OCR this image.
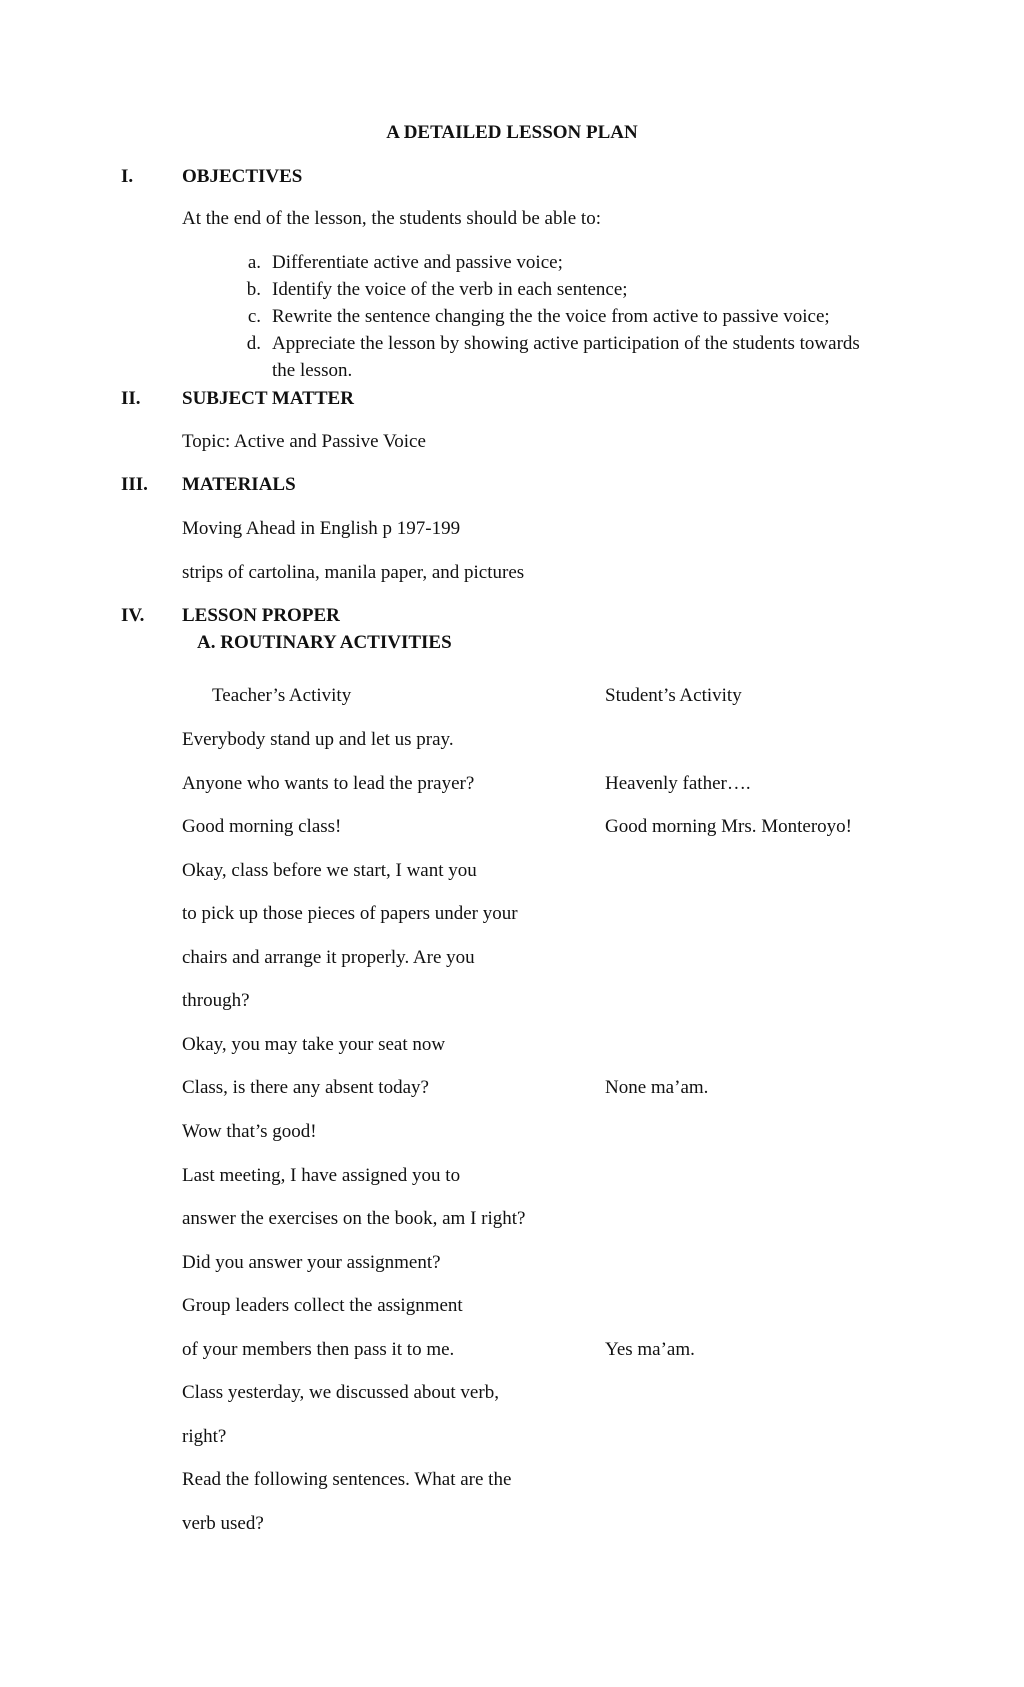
A DETAILED LESSON PLAN
I.	OBJECTIVES
At the end of the lesson, the students should be able to:
a. Differentiate active and passive voice;
b. Identify the voice of the verb in each sentence;
c. Rewrite the sentence changing the the voice from active to passive voice;
d. Appreciate the lesson by showing active participation of the students towards
the lesson.
II. SUBJECT MATTER
Topic: Active and Passive Voice
III. MATERIALS
Moving Ahead in English p 197-199
strips of cartolina, manila paper, and pictures
IV. LESSON PROPER
A. ROUTINARY ACTIVITIES
Teacher’s Activity	Student’s Activity
Everybody stand up and let us pray.
Anyone who wants to lead the prayer?
Good morning class!
Okay, class before we start, I want you
to pick up those pieces of papers under your
chairs and arrange it properly. Are you
through?
Okay, you may take your seat now
Class, is there any absent today?
Wow that’s good!
Last meeting, I have assigned you to
answer the exercises on the book, am I right?
Did you answer your assignment?
Group leaders collect the assignment
of your members then pass it to me.
Class yesterday, we discussed about verb,
right?
Read the following sentences. What are the
verb used?
Heavenly father….
Good morning Mrs. Monteroyo!
None ma’am.
Yes ma’am.
